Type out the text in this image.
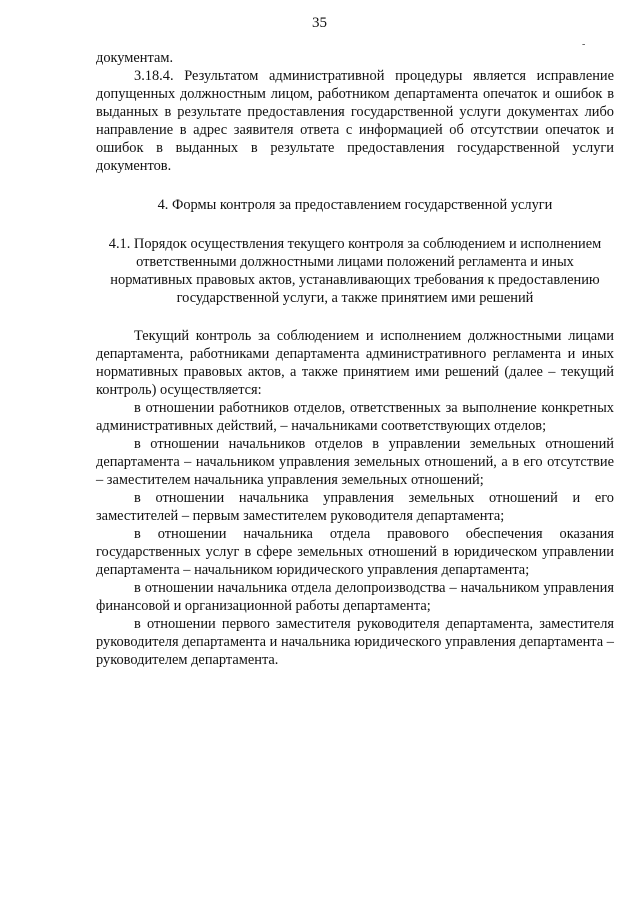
35
-

документам.

3.18.4. Результатом административной процедуры является исправление допущенных должностным лицом, работником департамента опечаток и ошибок в выданных в результате предоставления государственной услуги документах либо направление в адрес заявителя ответа с информацией об отсутствии опечаток и ошибок в выданных в результате предоставления государственной услуги документов.

4. Формы контроля за предоставлением государственной услуги

4.1. Порядок осуществления текущего контроля за соблюдением и исполнением ответственными должностными лицами положений регламента и иных нормативных правовых актов, устанавливающих требования к предоставлению государственной услуги, а также принятием ими решений

Текущий контроль за соблюдением и исполнением должностными лицами департамента, работниками департамента административного регламента и иных нормативных правовых актов, а также принятием ими решений (далее – текущий контроль) осуществляется:

в отношении работников отделов, ответственных за выполнение конкретных административных действий, – начальниками соответствующих отделов;

в отношении начальников отделов в управлении земельных отношений департамента – начальником управления земельных отношений, а в его отсутствие – заместителем начальника управления земельных отношений;

в отношении начальника управления земельных отношений и его заместителей – первым заместителем руководителя департамента;

в отношении начальника отдела правового обеспечения оказания государственных услуг в сфере земельных отношений в юридическом управлении департамента – начальником юридического управления департамента;

в отношении начальника отдела делопроизводства – начальником управления финансовой и организационной работы департамента;

в отношении первого заместителя руководителя департамента, заместителя руководителя департамента и начальника юридического управления департамента – руководителем департамента.
